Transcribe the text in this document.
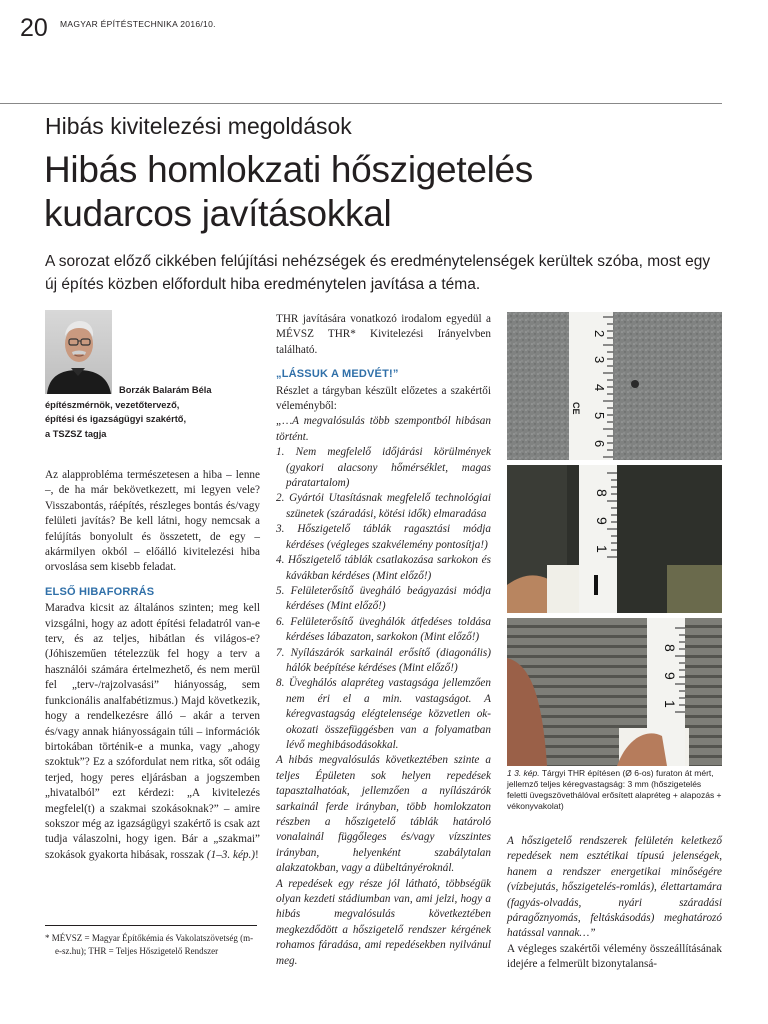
20 MAGYAR ÉPÍTÉSTECHNIKA 2016/10.
Hibás kivitelezési megoldások
Hibás homlokzati hőszigetelés
kudarcos javításokkal
A sorozat előző cikkében felújítási nehézségek és eredménytelenségek kerültek szóba, most egy új építés közben előfordult hiba eredménytelen javítása a téma.
Borzák Balarám Béla
építészmérnök, vezetőtervező,
építési és igazságügyi szakértő,
a TSZSZ tagja

Az alapprobléma természetesen a hiba – lenne –, de ha már bekövetkezett, mi legyen vele? Visszabontás, ráépítés, részleges bontás és/vagy felületi javítás? Be kell látni, hogy nemcsak a felújítás bonyolult és összetett, de egy – akármilyen okból – előálló kivitelezési hiba orvoslása sem kisebb feladat.

ELSŐ HIBAFORRÁS

Maradva kicsit az általános szinten; meg kell vizsgálni, hogy az adott építési feladatról van-e terv, és az teljes, hibátlan és világos-e? (Jóhiszeműen tételezzük fel hogy a terv a használói számára értelmezhető, és nem merül fel „terv-/rajzolvasási” hiányosság, sem funkcionális analfabétizmus.) Majd következik, hogy a rendelkezésre álló – akár a terven és/vagy annak hiányosságain túli – információk birtokában történik-e a munka, vagy „ahogy szoktuk”? Ez a szófordulat nem ritka, sőt odáig terjed, hogy peres eljárásban a jogszemben „hivatalból” ezt kérdezi: „A kivitelezés megfelel(t) a szakmai szokásoknak?” – amire sokszor még az igazságügyi szakértő is csak azt tudja válaszolni, hogy igen. Bár a „szakmai” szokások gyakorta hibásak, rosszak (1–3. kép.)!

* MÉVSZ = Magyar Építőkémia és Vakolatszövetség (m-e-sz.hu); THR = Teljes Hőszigetelő Rendszer

THR javítására vonatkozó irodalom egyedül a MÉVSZ THR* Kivitelezési Irányelvben található.

„LÁSSUK A MEDVÉT!”

Részlet a tárgyban készült előzetes a szakértői véleményből:

„…A megvalósulás több szempontból hibásan történt.

1. Nem megfelelő időjárási körülmények (gyakori alacsony hőmérséklet, magas páratartalom)

2. Gyártói Utasításnak megfelelő technológiai szünetek (száradási, kötési idők) elmaradása

3. Hőszigetelő táblák ragasztási módja kérdéses (végleges szakvélemény pontosítja!)

4. Hőszigetelő táblák csatlakozása sarkokon és kávákban kérdéses (Mint előző!)

5. Felületerősítő üvegháló beágyazási módja kérdéses (Mint előző!)

6. Felületerősítő üveghálók átfedéses toldása kérdéses lábazaton, sarkokon (Mint előző!)

7. Nyílászárók sarkainál erősítő (diagonális) hálók beépítése kérdéses (Mint előző!)

8. Üveghálós alapréteg vastagsága jellemzően nem éri el a min. vastagságot. A kéregvastagság elégtelensége közvetlen ok-okozati összefüggésben van a folyamatban lévő meghibásodásokkal.

A hibás megvalósulás következtében szinte a teljes Épületen sok helyen repedések tapasztalhatóak, jellemzően a nyílászárók sarkainál ferde irányban, több homlokzaton részben a hőszigetelő táblák határoló vonalainál függőleges és/vagy vízszintes irányban, helyenként szabálytalan alakzatokban, vagy a dübeltányéroknál.

A repedések egy része jól látható, többségük olyan kezdeti stádiumban van, ami jelzi, hogy a hibás megvalósulás következtében megkezdődött a hőszigetelő rendszer kérgének rohamos fáradása, ami repedésekben nyilvánul meg.

2
3
4
5
6
CE
8
9
1
8
9
1
1 3. kép. Tárgyi THR építésen (Ø 6-os) furaton át mért, jellemző teljes kéregvastagság: 3 mm (hőszigetelés feletti üvegszövethálóval erősített alapréteg + alapozás + vékonyvakolat)

A hőszigetelő rendszerek felületén keletkező repedések nem esztétikai típusú jelenségek, hanem a rendszer energetikai minőségére (vízbejutás, hőszigetelés-romlás), élettartamára (fagyás-olvadás, nyári száradási páragőznyomás, feltáskásodás) meghatározó hatással vannak…”

A végleges szakértői vélemény összeállításának idejére a felmerült bizonytalansá-
